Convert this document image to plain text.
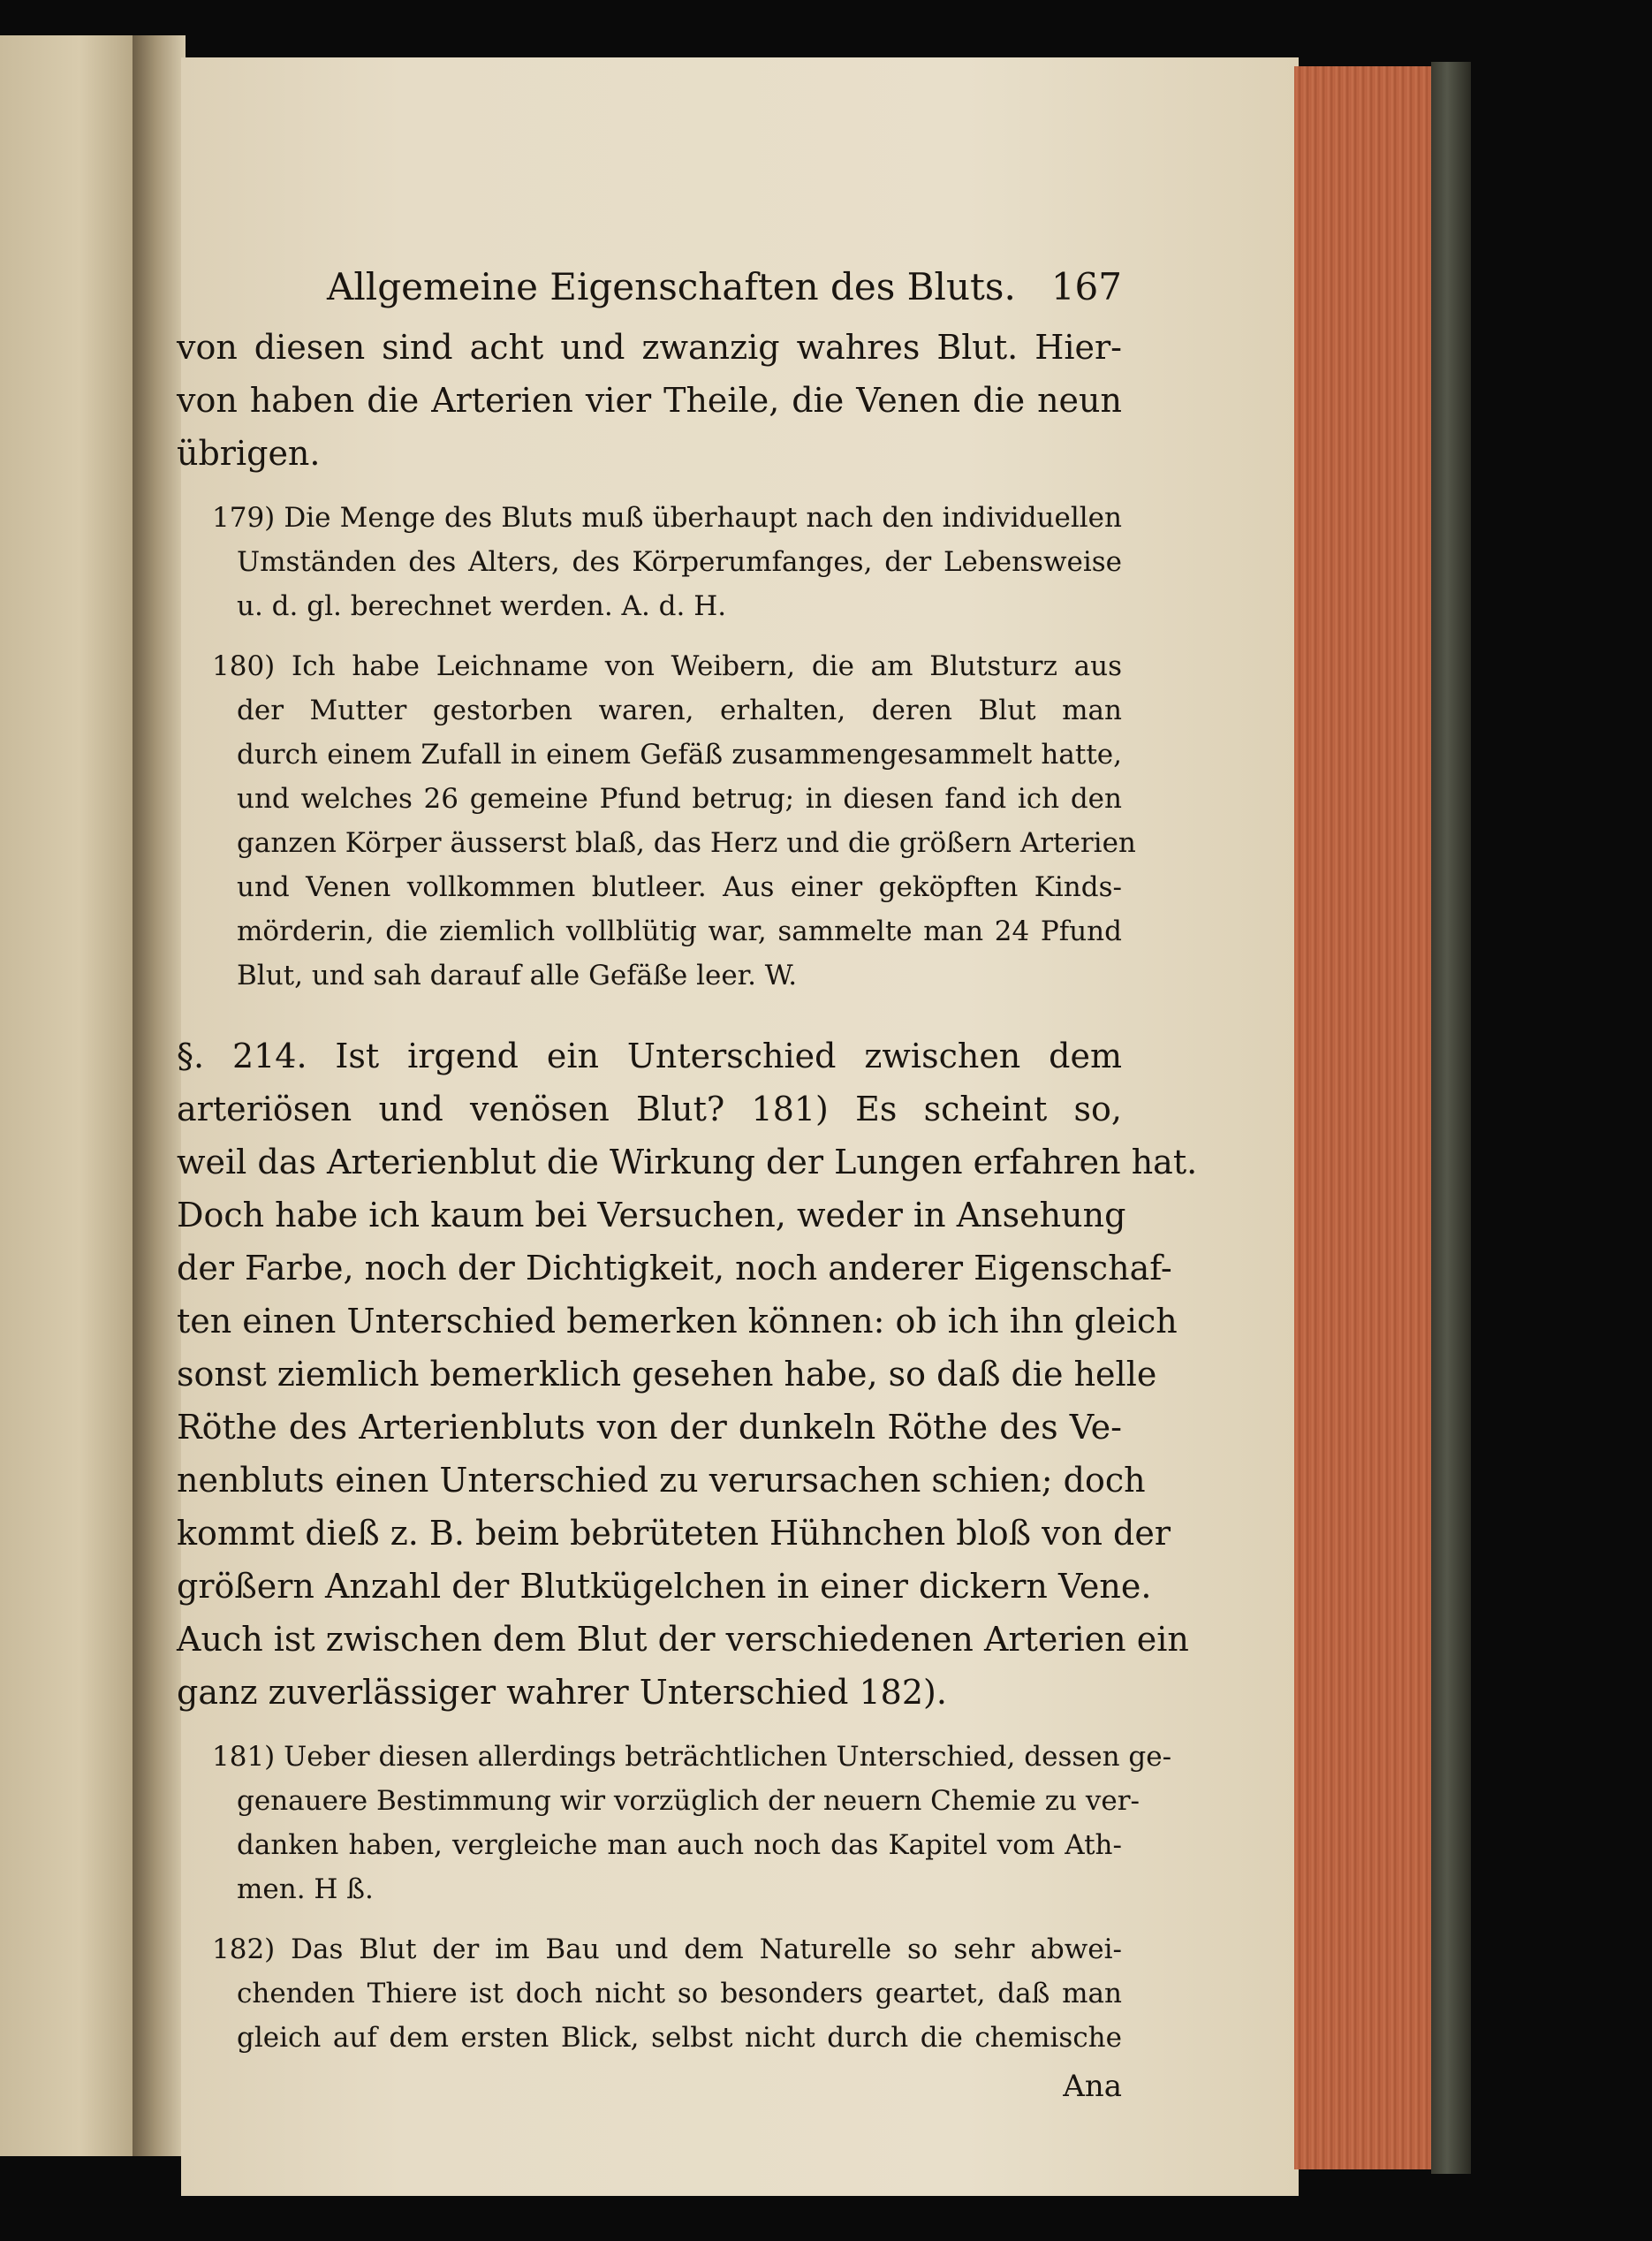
Allgemeine Eigenschaften des Bluts. 167
von diesen sind acht und zwanzig wahres Blut. Hier-
von haben die Arterien vier Theile, die Venen die neun
übrigen.
179) Die Menge des Bluts muß überhaupt nach den individuellen
Umständen des Alters, des Körperumfanges, der Lebensweise
u. d. gl. berechnet werden. A. d. H.
180) Ich habe Leichname von Weibern, die am Blutsturz aus
der Mutter gestorben waren, erhalten, deren Blut man
durch einem Zufall in einem Gefäß zusammengesammelt hatte,
und welches 26 gemeine Pfund betrug; in diesen fand ich den
ganzen Körper äusserst blaß, das Herz und die größern Arterien
und Venen vollkommen blutleer. Aus einer geköpften Kinds-
mörderin, die ziemlich vollblütig war, sammelte man 24 Pfund
Blut, und sah darauf alle Gefäße leer. W.
§. 214. Ist irgend ein Unterschied zwischen dem
arteriösen und venösen Blut? 181) Es scheint so,
weil das Arterienblut die Wirkung der Lungen erfahren hat.
Doch habe ich kaum bei Versuchen, weder in Ansehung
der Farbe, noch der Dichtigkeit, noch anderer Eigenschaf-
ten einen Unterschied bemerken können: ob ich ihn gleich
sonst ziemlich bemerklich gesehen habe, so daß die helle
Röthe des Arterienbluts von der dunkeln Röthe des Ve-
nenbluts einen Unterschied zu verursachen schien; doch
kommt dieß z. B. beim bebrüteten Hühnchen bloß von der
größern Anzahl der Blutkügelchen in einer dickern Vene.
Auch ist zwischen dem Blut der verschiedenen Arterien ein
ganz zuverlässiger wahrer Unterschied 182).
181) Ueber diesen allerdings beträchtlichen Unterschied, dessen ge-
genauere Bestimmung wir vorzüglich der neuern Chemie zu ver-
danken haben, vergleiche man auch noch das Kapitel vom Ath-
men. H ß.
182) Das Blut der im Bau und dem Naturelle so sehr abwei-
chenden Thiere ist doch nicht so besonders geartet, daß man
gleich auf dem ersten Blick, selbst nicht durch die chemische
Ana
